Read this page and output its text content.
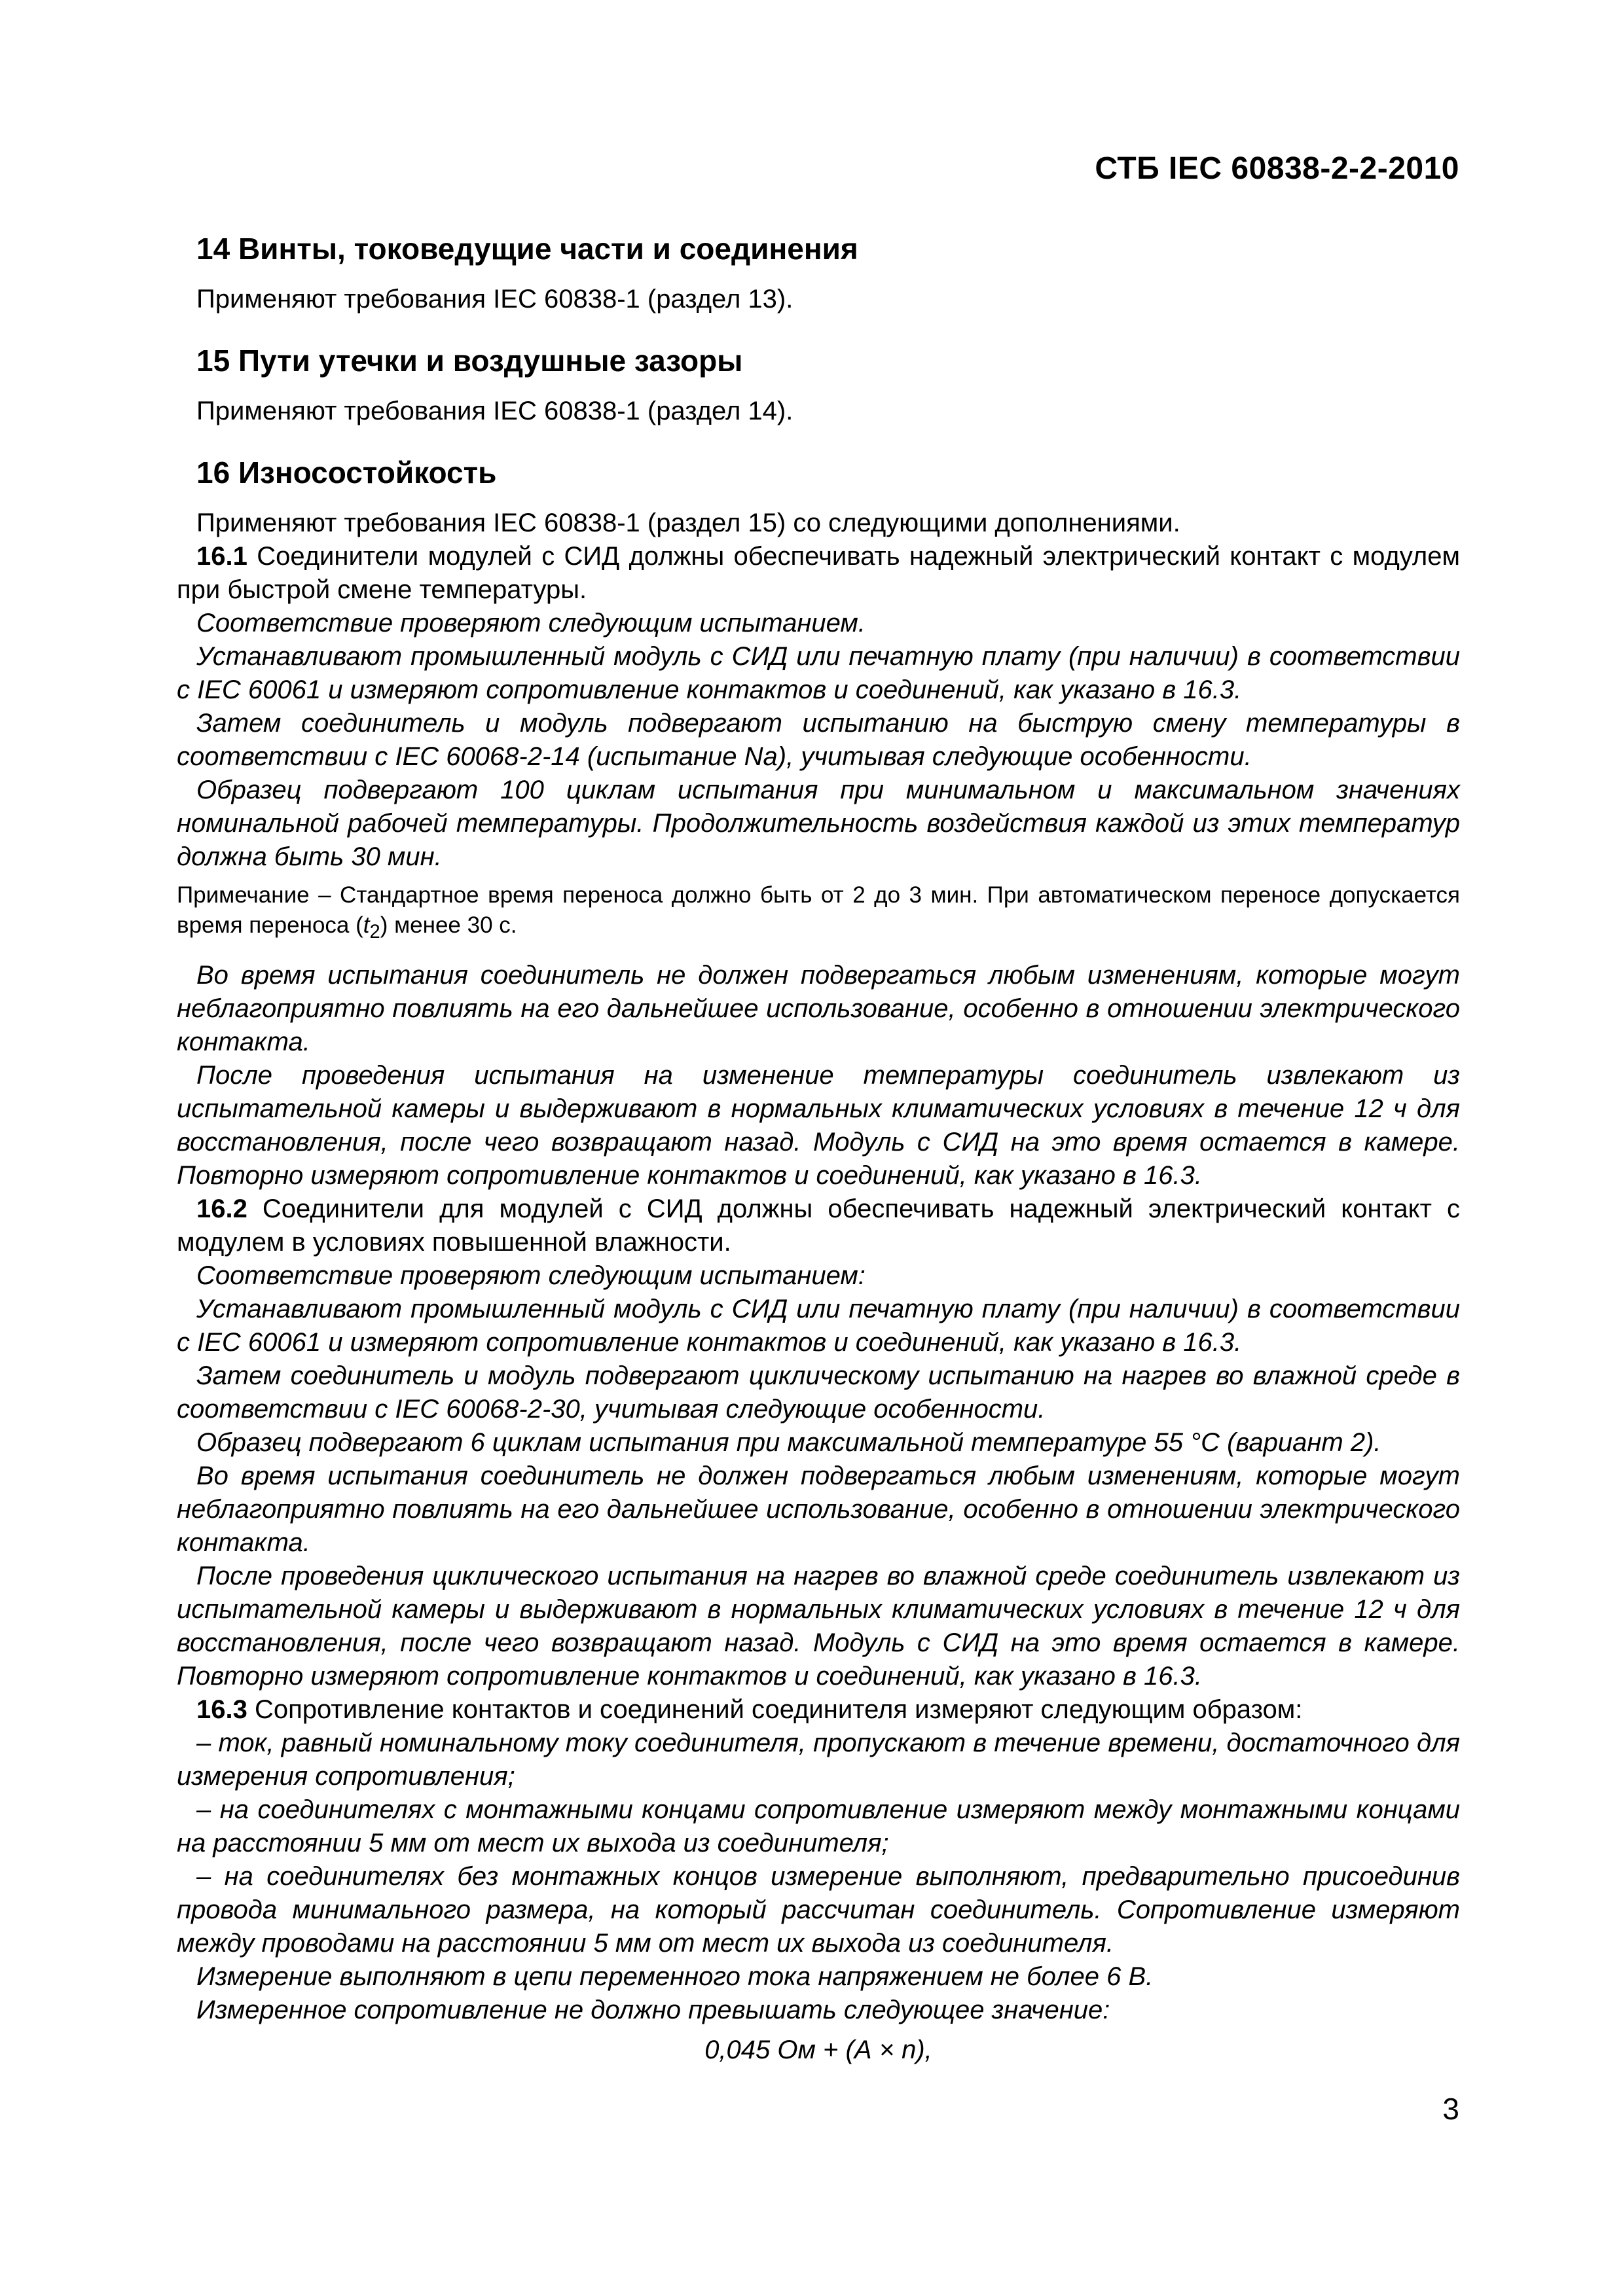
СТБ IEC 60838-2-2-2010
14 Винты, токоведущие части и соединения

Применяют требования IEC 60838-1 (раздел 13).

15 Пути утечки и воздушные зазоры

Применяют требования IEC 60838-1 (раздел 14).

16 Износостойкость

Применяют требования IEC 60838-1 (раздел 15) со следующими дополнениями.

16.1 Соединители модулей с СИД должны обеспечивать надежный электрический контакт с модулем при быстрой смене температуры.

Соответствие проверяют следующим испытанием.

Устанавливают промышленный модуль с СИД или печатную плату (при наличии) в соответствии с IEC 60061 и измеряют сопротивление контактов и соединений, как указано в 16.3.

Затем соединитель и модуль подвергают испытанию на быструю смену температуры в соответствии с IEC 60068-2-14 (испытание Na), учитывая следующие особенности.

Образец подвергают 100 циклам испытания при минимальном и максимальном значениях номинальной рабочей температуры. Продолжительность воздействия каждой из этих температур должна быть 30 мин.

Примечание – Стандартное время переноса должно быть от 2 до 3 мин. При автоматическом переносе допускается время переноса $(t_2)$ менее 30 с.

Во время испытания соединитель не должен подвергаться любым изменениям, которые могут неблагоприятно повлиять на его дальнейшее использование, особенно в отношении электрического контакта.

После проведения испытания на изменение температуры соединитель извлекают из испытательной камеры и выдерживают в нормальных климатических условиях в течение 12 ч для восстановления, после чего возвращают назад. Модуль с СИД на это время остается в камере. Повторно измеряют сопротивление контактов и соединений, как указано в 16.3.

16.2 Соединители для модулей с СИД должны обеспечивать надежный электрический контакт с модулем в условиях повышенной влажности.

Соответствие проверяют следующим испытанием:

Устанавливают промышленный модуль с СИД или печатную плату (при наличии) в соответствии с IEC 60061 и измеряют сопротивление контактов и соединений, как указано в 16.3.

Затем соединитель и модуль подвергают циклическому испытанию на нагрев во влажной среде в соответствии с IEC 60068-2-30, учитывая следующие особенности.

Образец подвергают 6 циклам испытания при максимальной температуре 55 °С (вариант 2).

Во время испытания соединитель не должен подвергаться любым изменениям, которые могут неблагоприятно повлиять на его дальнейшее использование, особенно в отношении электрического контакта.

После проведения циклического испытания на нагрев во влажной среде соединитель извлекают из испытательной камеры и выдерживают в нормальных климатических условиях в течение 12 ч для восстановления, после чего возвращают назад. Модуль с СИД на это время остается в камере. Повторно измеряют сопротивление контактов и соединений, как указано в 16.3.

16.3 Сопротивление контактов и соединений соединителя измеряют следующим образом:

– ток, равный номинальному току соединителя, пропускают в течение времени, достаточного для измерения сопротивления;

– на соединителях с монтажными концами сопротивление измеряют между монтажными концами на расстоянии 5 мм от мест их выхода из соединителя;

– на соединителях без монтажных концов измерение выполняют, предварительно присоединив провода минимального размера, на который рассчитан соединитель. Сопротивление измеряют между проводами на расстоянии 5 мм от мест их выхода из соединителя.

Измерение выполняют в цепи переменного тока напряжением не более 6 В.

Измеренное сопротивление не должно превышать следующее значение:

0,045 Ом + (А × n),

3
